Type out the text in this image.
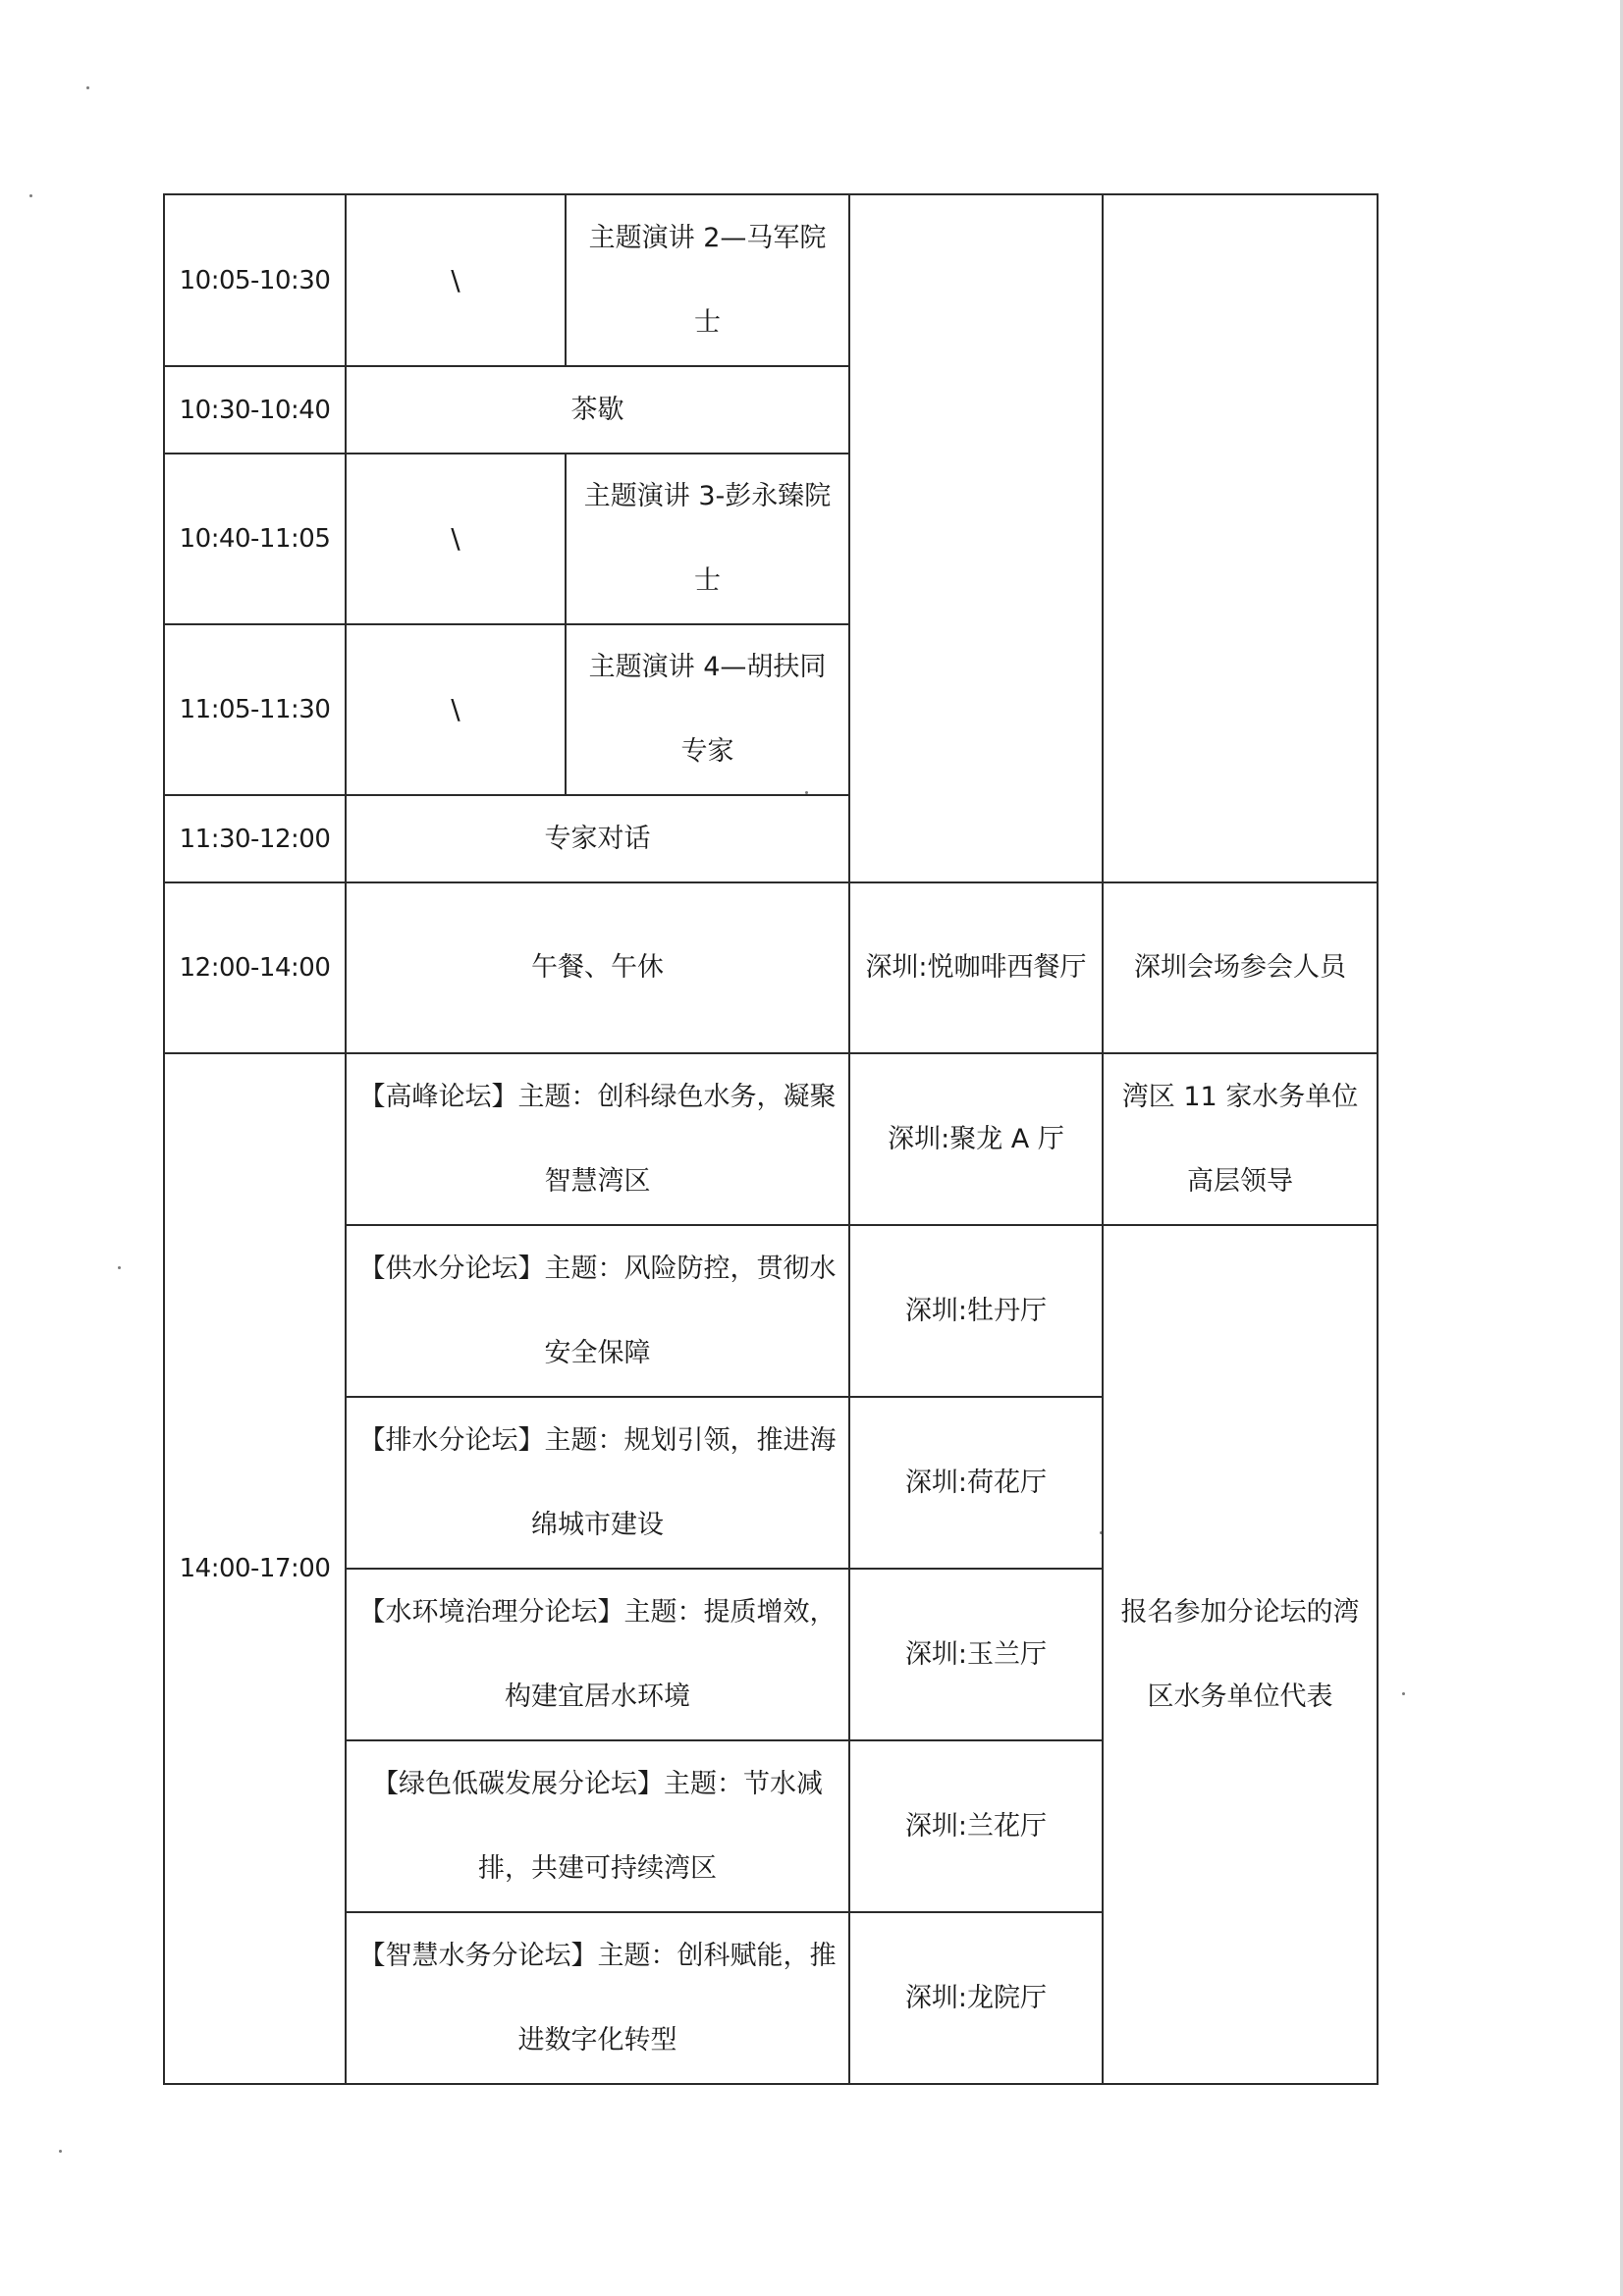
10:05-10:30	\	主题演讲 2—马军院士		
10:30-10:40	茶歇			
10:40-11:05	\	主题演讲 3-彭永臻院士		
11:05-11:30	\	主题演讲 4—胡扶同专家		
11:30-12:00	专家对话			
12:00-14:00	午餐、午休		深圳:悦咖啡西餐厅	深圳会场参会人员
14:00-17:00	【高峰论坛】主题：创科绿色水务，凝聚智慧湾区		深圳:聚龙 A 厅	湾区 11 家水务单位高层领导
	【供水分论坛】主题：风险防控，贯彻水安全保障		深圳:牡丹厅	报名参加分论坛的湾区水务单位代表
	【排水分论坛】主题：规划引领，推进海绵城市建设		深圳:荷花厅	
	【水环境治理分论坛】主题：提质增效，构建宜居水环境		深圳:玉兰厅	
	【绿色低碳发展分论坛】主题：节水减排，共建可持续湾区		深圳:兰花厅	
	【智慧水务分论坛】主题：创科赋能，推进数字化转型		深圳:龙院厅	
